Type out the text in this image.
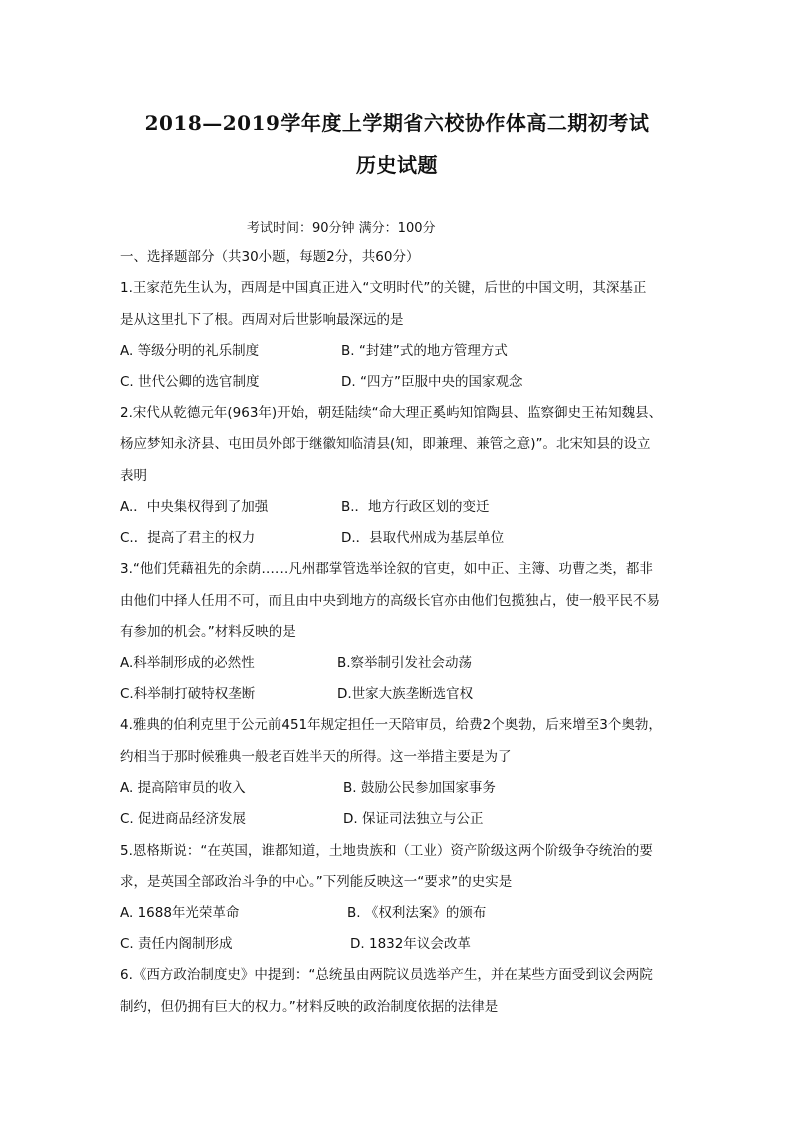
2018—2019学年度上学期省六校协作体高二期初考试
历史试题
考试时间：90分钟 满分：100分
一、选择题部分（共30小题，每题2分，共60分）
1.王家范先生认为，西周是中国真正进入“文明时代”的关键，后世的中国文明，其深基正
是从这里扎下了根。西周对后世影响最深远的是
A. 等级分明的礼乐制度	B. “封建”式的地方管理方式
C. 世代公卿的选官制度	D. “四方”臣服中央的国家观念
2.宋代从乾德元年(963年)开始，朝廷陆续“命大理正奚屿知馆陶县、监察御史王祐知魏县、
杨应梦知永济县、屯田员外郎于继徽知临清县(知，即兼理、兼管之意)”。北宋知县的设立
表明
A.．中央集权得到了加强	B.．地方行政区划的变迁
C.．提高了君主的权力	D.．县取代州成为基层单位
3.“他们凭藉祖先的余荫……凡州郡掌管选举诠叙的官吏，如中正、主簿、功曹之类，都非
由他们中择人任用不可，而且由中央到地方的高级长官亦由他们包揽独占，使一般平民不易
有参加的机会。”材料反映的是
A.科举制形成的必然性	B.察举制引发社会动荡
C.科举制打破特权垄断	D.世家大族垄断选官权
4.雅典的伯利克里于公元前451年规定担任一天陪审员，给费2个奥勃，后来增至3个奥勃，
约相当于那时候雅典一般老百姓半天的所得。这一举措主要是为了
A. 提高陪审员的收入	B. 鼓励公民参加国家事务
C. 促进商品经济发展	D. 保证司法独立与公正
5.恩格斯说：“在英国，谁都知道，土地贵族和（工业）资产阶级这两个阶级争夺统治的要
求，是英国全部政治斗争的中心。”下列能反映这一“要求”的史实是
A. 1688年光荣革命	B. 《权利法案》的颁布
C. 责任内阁制形成	D. 1832年议会改革
6.《西方政治制度史》中提到：“总统虽由两院议员选举产生，并在某些方面受到议会两院
制约，但仍拥有巨大的权力。”材料反映的政治制度依据的法律是
